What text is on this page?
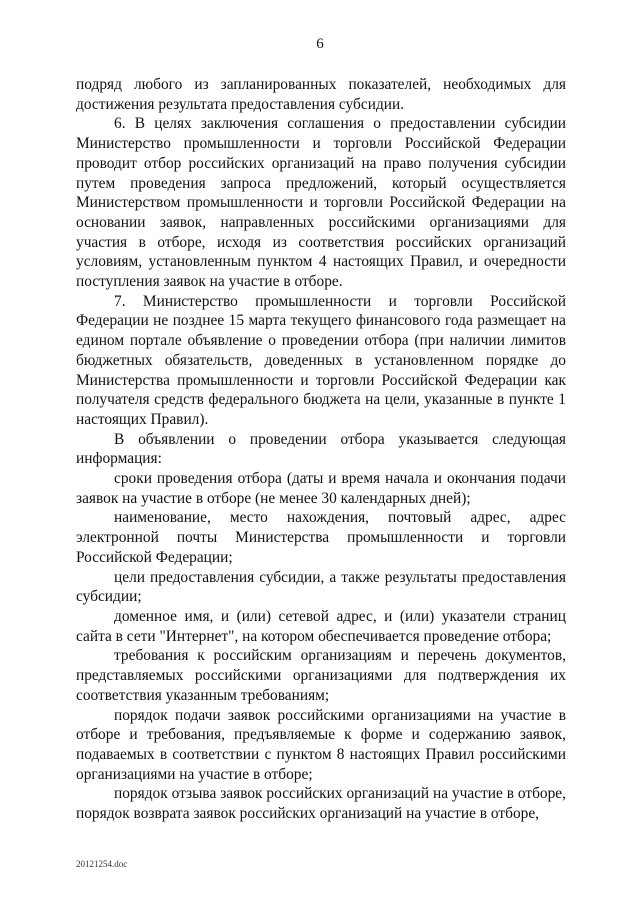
6

подряд любого из запланированных показателей, необходимых для достижения результата предоставления субсидии.

6. В целях заключения соглашения о предоставлении субсидии Министерство промышленности и торговли Российской Федерации проводит отбор российских организаций на право получения субсидии путем проведения запроса предложений, который осуществляется Министерством промышленности и торговли Российской Федерации на основании заявок, направленных российскими организациями для участия в отборе, исходя из соответствия российских организаций условиям, установленным пунктом 4 настоящих Правил, и очередности поступления заявок на участие в отборе.

7. Министерство промышленности и торговли Российской Федерации не позднее 15 марта текущего финансового года размещает на едином портале объявление о проведении отбора (при наличии лимитов бюджетных обязательств, доведенных в установленном порядке до Министерства промышленности и торговли Российской Федерации как получателя средств федерального бюджета на цели, указанные в пункте 1 настоящих Правил).

В объявлении о проведении отбора указывается следующая информация:

сроки проведения отбора (даты и время начала и окончания подачи заявок на участие в отборе (не менее 30 календарных дней);

наименование, место нахождения, почтовый адрес, адрес электронной почты Министерства промышленности и торговли Российской Федерации;

цели предоставления субсидии, а также результаты предоставления субсидии;

доменное имя, и (или) сетевой адрес, и (или) указатели страниц сайта в сети "Интернет", на котором обеспечивается проведение отбора;

требования к российским организациям и перечень документов, представляемых российскими организациями для подтверждения их соответствия указанным требованиям;

порядок подачи заявок российскими организациями на участие в отборе и требования, предъявляемые к форме и содержанию заявок, подаваемых в соответствии с пунктом 8 настоящих Правил российскими организациями на участие в отборе;

порядок отзыва заявок российских организаций на участие в отборе, порядок возврата заявок российских организаций на участие в отборе,

20121254.doc
